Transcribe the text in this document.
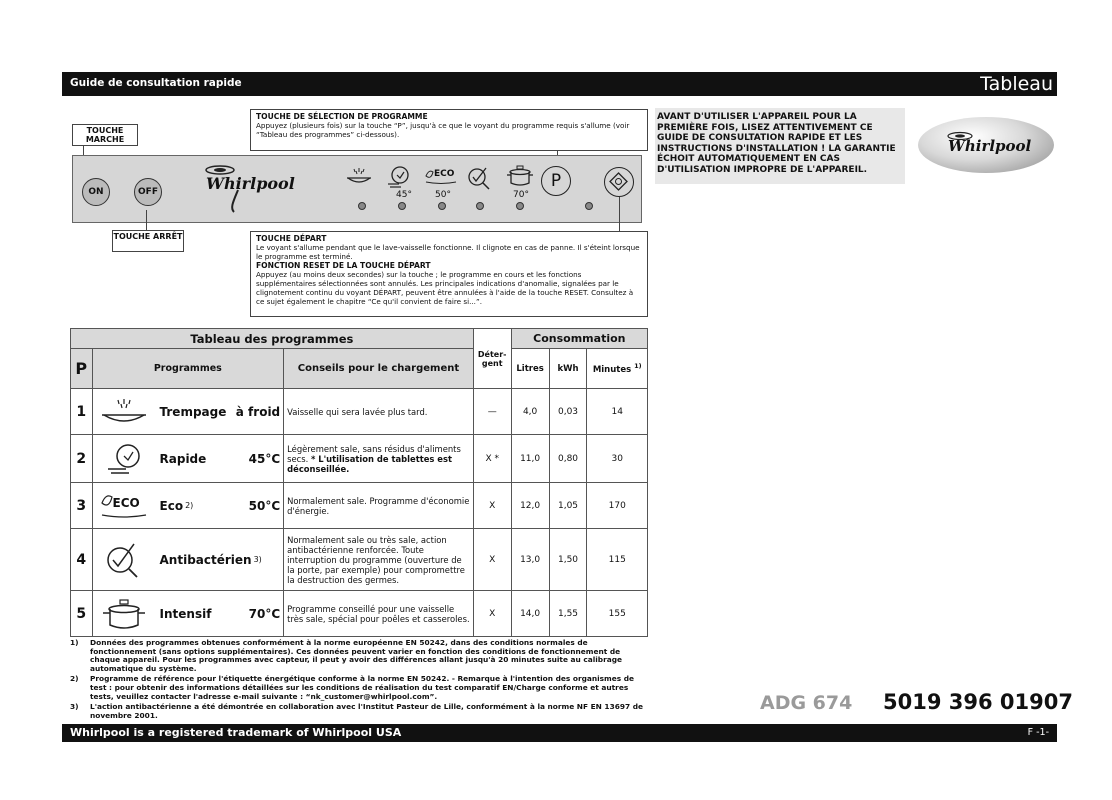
Guide de consultation rapide	Tableau
TOUCHE DE SÉLECTION DE PROGRAMME
Appuyez (plusieurs fois) sur la touche “P”, jusqu'à ce que le voyant du programme requis s'allume (voir “Tableau des programmes” ci-dessous).
TOUCHE MARCHE
ON	OFF	Whirlpool	ECO
45°	50°	70°
P
TOUCHE ARRÊT	TOUCHE DÉPART
Le voyant s'allume pendant que le lave-vaisselle fonctionne. Il clignote en cas de panne. Il s'éteint lorsque le programme est terminé.
FONCTION RESET DE LA TOUCHE DÉPART
Appuyez (au moins deux secondes) sur la touche ; le programme en cours et les fonctions supplémentaires sélectionnées sont annulés. Les principales indications d'anomalie, signalées par le clignotement continu du voyant DÉPART, peuvent être annulées à l'aide de la touche RESET. Consultez à ce sujet également le chapitre “Ce qu'il convient de faire si...”.
AVANT D'UTILISER L'APPAREIL POUR LA PREMIÈRE FOIS, LISEZ ATTENTIVEMENT CE GUIDE DE CONSULTATION RAPIDE ET LES INSTRUCTIONS D'INSTALLATION ! LA GARANTIE ÉCHOIT AUTOMATIQUEMENT EN CAS D'UTILISATION IMPROPRE DE L'APPAREIL.
Whirlpool
Tableau des programmes			Déter-gent	Consommation		
P	Programmes	Conseils pour le chargement		Litres	kWh	Minutes $^{1)}$
1	Trempage à froid	Vaisselle qui sera lavée plus tard.	—	4,0	0,03	14
2	Rapide 45°C	Légèrement sale, sans résidus d'aliments secs. * L'utilisation de tablettes est déconseillée.	X *	11,0	0,80	30
3	ECO Eco 2) 50°C	Normalement sale. Programme d'économie d'énergie.	X	12,0	1,05	170
4	Antibactérien 3)	Normalement sale ou très sale, action antibactérienne renforcée. Toute interruption du programme (ouverture de la porte, par exemple) pour compromettre la destruction des germes.	X	13,0	1,50	115
5	Intensif 70°C	Programme conseillé pour une vaisselle très sale, spécial pour poêles et casseroles.	X	14,0	1,55	155
1)	Données des programmes obtenues conformément à la norme européenne EN 50242, dans des conditions normales de fonctionnement (sans options supplémentaires). Ces données peuvent varier en fonction des conditions de fonctionnement de chaque appareil. Pour les programmes avec capteur, il peut y avoir des différences allant jusqu'à 20 minutes suite au calibrage automatique du système.
2)	Programme de référence pour l'étiquette énergétique conforme à la norme EN 50242. - Remarque à l'intention des organismes de test : pour obtenir des informations détaillées sur les conditions de réalisation du test comparatif EN/Charge conforme et autres tests, veuillez contacter l'adresse e-mail suivante : “nk_customer@whirlpool.com”.
3)	L'action antibactérienne a été démontrée en collaboration avec l'Institut Pasteur de Lille, conformément à la norme NF EN 13697 de novembre 2001.
ADG 674 5019 396 01907
Whirlpool is a registered trademark of Whirlpool USA	F -1-
